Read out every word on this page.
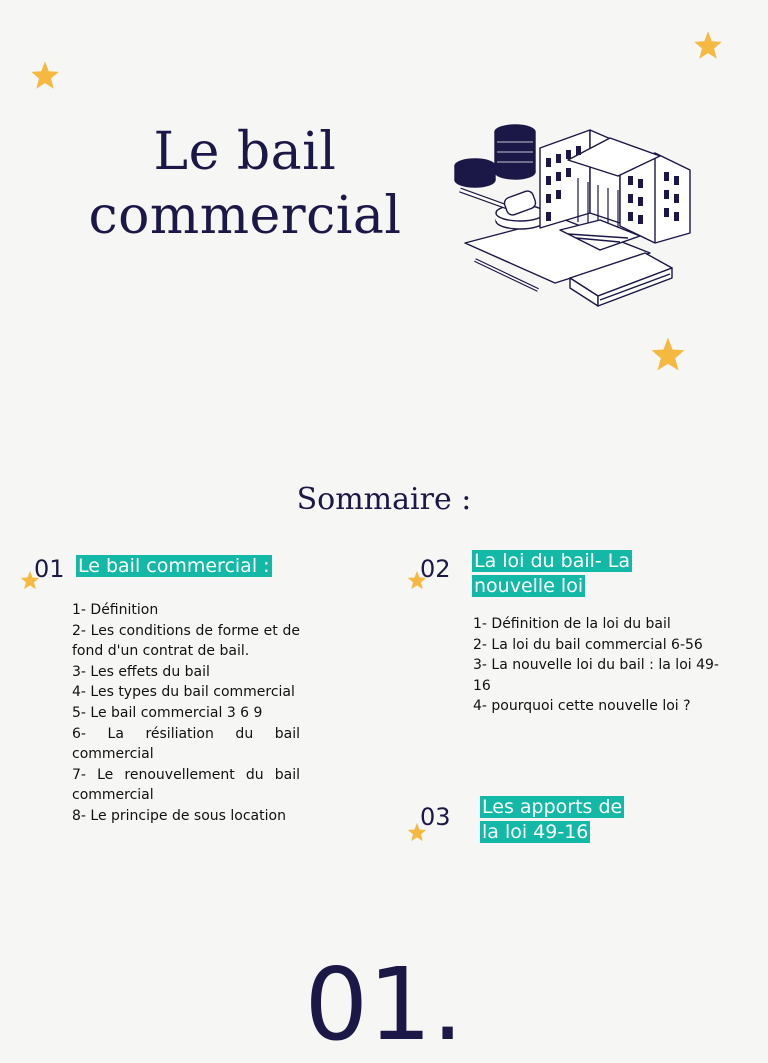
Le bail
commercial
Sommaire :
01 Le bail commercial :
1- Définition
2- Les conditions de forme et de fond d'un contrat de bail.
3- Les effets du bail
4- Les types du bail commercial
5- Le bail commercial 3 6 9
6- La résiliation du bail commercial
7- Le renouvellement du bail commercial
8- Le principe de sous location
02 La loi du bail- La
nouvelle loi
1- Définition de la loi du bail
2- La loi du bail commercial 6-56
3- La nouvelle loi du bail : la loi 49-16
4- pourquoi cette nouvelle loi ?
03 Les apports de
la loi 49-16
01.
